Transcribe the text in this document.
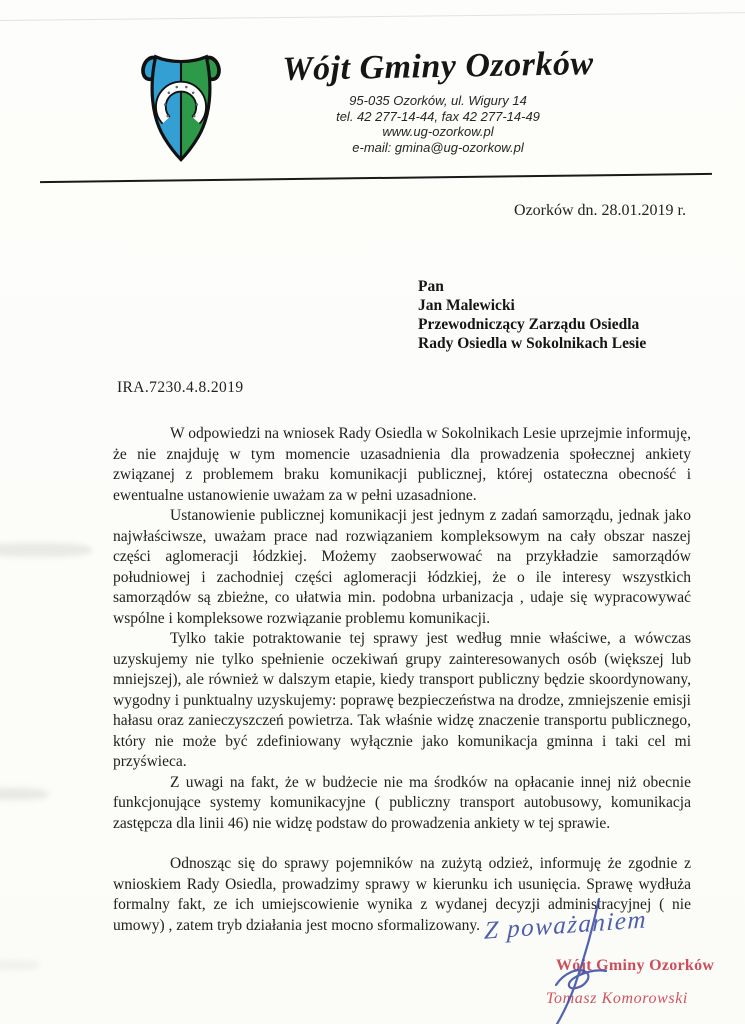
Wójt Gminy Ozorków
95-035 Ozorków, ul. Wigury 14
tel. 42 277-14-44, fax 42 277-14-49
www.ug-ozorkow.pl
e-mail: gmina@ug-ozorkow.pl
Ozorków dn. 28.01.2019 r.
Pan
Jan Malewicki
Przewodniczący Zarządu Osiedla
Rady Osiedla w Sokolnikach Lesie
IRA.7230.4.8.2019

W odpowiedzi na wniosek Rady Osiedla w Sokolnikach Lesie uprzejmie informuję, że nie znajduję w tym momencie uzasadnienia dla prowadzenia społecznej ankiety związanej z problemem braku komunikacji publicznej, której ostateczna obecność i ewentualne ustanowienie uważam za w pełni uzasadnione.

Ustanowienie publicznej komunikacji jest jednym z zadań samorządu, jednak jako najwłaściwsze, uważam prace nad rozwiązaniem kompleksowym na cały obszar naszej części aglomeracji łódzkiej. Możemy zaobserwować na przykładzie samorządów południowej i zachodniej części aglomeracji łódzkiej, że o ile interesy wszystkich samorządów są zbieżne, co ułatwia min. podobna urbanizacja , udaje się wypracowywać wspólne i kompleksowe rozwiązanie problemu komunikacji.

Tylko takie potraktowanie tej sprawy jest według mnie właściwe, a wówczas uzyskujemy nie tylko spełnienie oczekiwań grupy zainteresowanych osób (większej lub mniejszej), ale również w dalszym etapie, kiedy transport publiczny będzie skoordynowany, wygodny i punktualny uzyskujemy: poprawę bezpieczeństwa na drodze, zmniejszenie emisji hałasu oraz zanieczyszczeń powietrza. Tak właśnie widzę znaczenie transportu publicznego, który nie może być zdefiniowany wyłącznie jako komunikacja gminna i taki cel mi przyświeca.

Z uwagi na fakt, że w budżecie nie ma środków na opłacanie innej niż obecnie funkcjonujące systemy komunikacyjne ( publiczny transport autobusowy, komunikacja zastępcza dla linii 46) nie widzę podstaw do prowadzenia ankiety w tej sprawie.

Odnosząc się do sprawy pojemników na zużytą odzież, informuję że zgodnie z wnioskiem Rady Osiedla, prowadzimy sprawy w kierunku ich usunięcia. Sprawę wydłuża formalny fakt, ze ich umiejscowienie wynika z wydanej decyzji administracyjnej ( nie umowy) , zatem tryb działania jest mocno sformalizowany. Z poważaniem
Wójt Gminy Ozorków
Tomasz Komorowski
